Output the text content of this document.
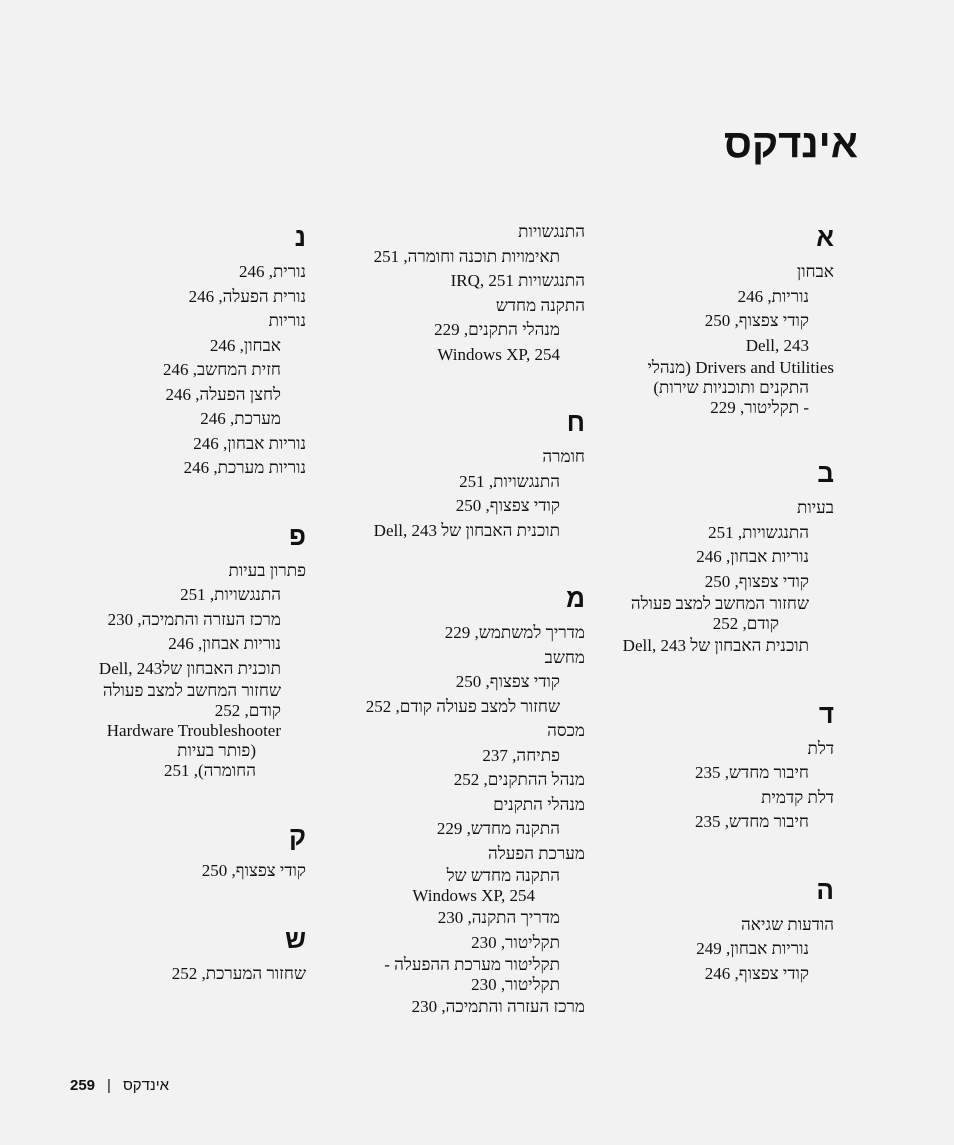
אינדקס
א
אבחון
נוריות, 246
קודי צפצוף, 250
Dell, 243
Drivers and Utilities (מנהלי
התקנים ותוכניות שירות)
- תקליטור, 229
ב
בעיות
התנגשויות, 251
נוריות אבחון, 246
קודי צפצוף, 250
שחזור המחשב למצב פעולה
קודם, 252
תוכנית האבחון של Dell, 243
ד
דלת
חיבור מחדש, 235
דלת קדמית
חיבור מחדש, 235
ה
הודעות שגיאה
נוריות אבחון, 249
קודי צפצוף, 246
התנגשויות
תאימויות תוכנה וחומרה, 251
התנגשויות IRQ, 251
התקנה מחדש
מנהלי התקנים, 229
Windows XP, 254
ח
חומרה
התנגשויות, 251
קודי צפצוף, 250
תוכנית האבחון של Dell, 243
מ
מדריך למשתמש, 229
מחשב
קודי צפצוף, 250
שחזור למצב פעולה קודם, 252
מכסה
פתיחה, 237
מנהל ההתקנים, 252
מנהלי התקנים
התקנה מחדש, 229
מערכת הפעלה
התקנה מחדש של
Windows XP, 254
מדריך התקנה, 230
תקליטור, 230
תקליטור מערכת ההפעלה -
תקליטור, 230
מרכז העזרה והתמיכה, 230
נ
נורית, 246
נורית הפעלה, 246
נוריות
אבחון, 246
חזית המחשב, 246
לחצן הפעלה, 246
מערכת, 246
נוריות אבחון, 246
נוריות מערכת, 246
פ
פתרון בעיות
התנגשויות, 251
מרכז העזרה והתמיכה, 230
נוריות אבחון, 246
תוכנית האבחון שלDell, 243
שחזור המחשב למצב פעולה
קודם, 252
Hardware Troubleshooter
(פותר בעיות
החומרה), 251
ק
קודי צפצוף, 250
ש
שחזור המערכת, 252
259 | אינדקס
